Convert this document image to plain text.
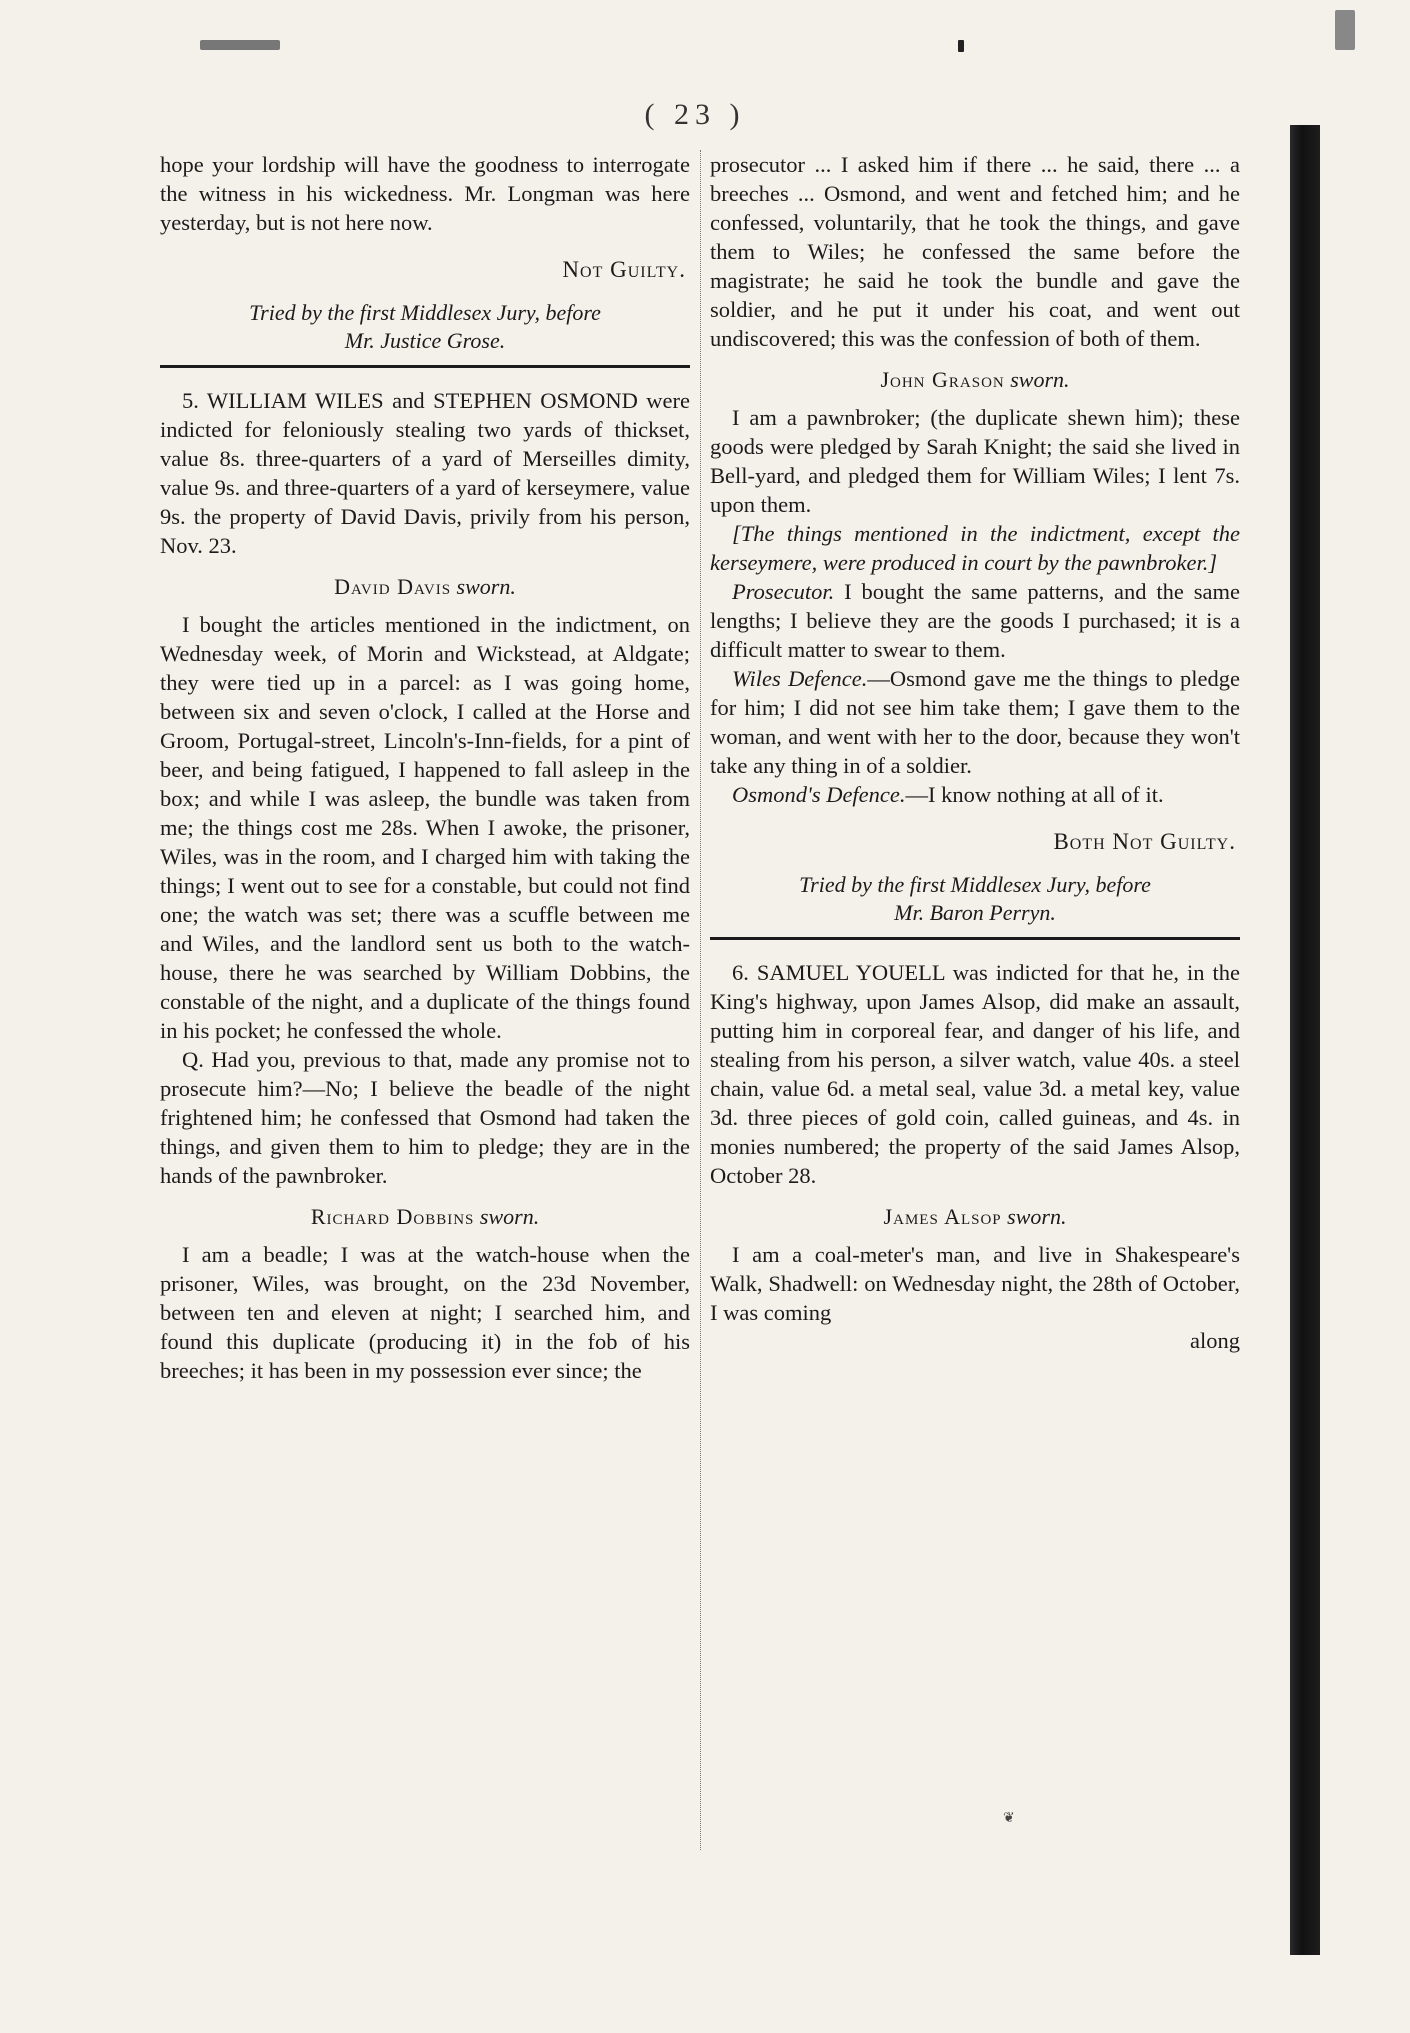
( 23 )

hope your lordship will have the goodness to interrogate the witness in his wickedness. Mr. Longman was here yesterday, but is not here now.

Not Guilty.
Tried by the first Middlesex Jury, before
Mr. Justice Grose.

5. WILLIAM WILES and STEPHEN OSMOND were indicted for feloniously stealing two yards of thickset, value 8s. three-quarters of a yard of Merseilles dimity, value 9s. and three-quarters of a yard of kerseymere, value 9s. the property of David Davis, privily from his person, Nov. 23.

David Davis sworn.

I bought the articles mentioned in the indictment, on Wednesday week, of Morin and Wickstead, at Aldgate; they were tied up in a parcel: as I was going home, between six and seven o'clock, I called at the Horse and Groom, Portugal-street, Lincoln's-Inn-fields, for a pint of beer, and being fatigued, I happened to fall asleep in the box; and while I was asleep, the bundle was taken from me; the things cost me 28s. When I awoke, the prisoner, Wiles, was in the room, and I charged him with taking the things; I went out to see for a constable, but could not find one; the watch was set; there was a scuffle between me and Wiles, and the landlord sent us both to the watch-house, there he was searched by William Dobbins, the constable of the night, and a duplicate of the things found in his pocket; he confessed the whole.

Q. Had you, previous to that, made any promise not to prosecute him?—No; I believe the beadle of the night frightened him; he confessed that Osmond had taken the things, and given them to him to pledge; they are in the hands of the pawnbroker.

Richard Dobbins sworn.

I am a beadle; I was at the watch-house when the prisoner, Wiles, was brought, on the 23d November, between ten and eleven at night; I searched him, and found this duplicate (producing it) in the fob of his breeches; it has been in my possession ever since; the

prosecutor ... I asked him if there ... he said, there ... a breeches ... Osmond, and went and fetched him; and he confessed, voluntarily, that he took the things, and gave them to Wiles; he confessed the same before the magistrate; he said he took the bundle and gave the soldier, and he put it under his coat, and went out undiscovered; this was the confession of both of them.

John Grason sworn.

I am a pawnbroker; (the duplicate shewn him); these goods were pledged by Sarah Knight; the said she lived in Bell-yard, and pledged them for William Wiles; I lent 7s. upon them.

[The things mentioned in the indictment, except the kerseymere, were produced in court by the pawnbroker.]

Prosecutor. I bought the same patterns, and the same lengths; I believe they are the goods I purchased; it is a difficult matter to swear to them.

Wiles Defence.—Osmond gave me the things to pledge for him; I did not see him take them; I gave them to the woman, and went with her to the door, because they won't take any thing in of a soldier.

Osmond's Defence.—I know nothing at all of it.

Both Not Guilty.
Tried by the first Middlesex Jury, before
Mr. Baron Perryn.

6. SAMUEL YOUELL was indicted for that he, in the King's highway, upon James Alsop, did make an assault, putting him in corporeal fear, and danger of his life, and stealing from his person, a silver watch, value 40s. a steel chain, value 6d. a metal seal, value 3d. a metal key, value 3d. three pieces of gold coin, called guineas, and 4s. in monies numbered; the property of the said James Alsop, October 28.

James Alsop sworn.

I am a coal-meter's man, and live in Shakespeare's Walk, Shadwell: on Wednesday night, the 28th of October, I was coming

along
❦
